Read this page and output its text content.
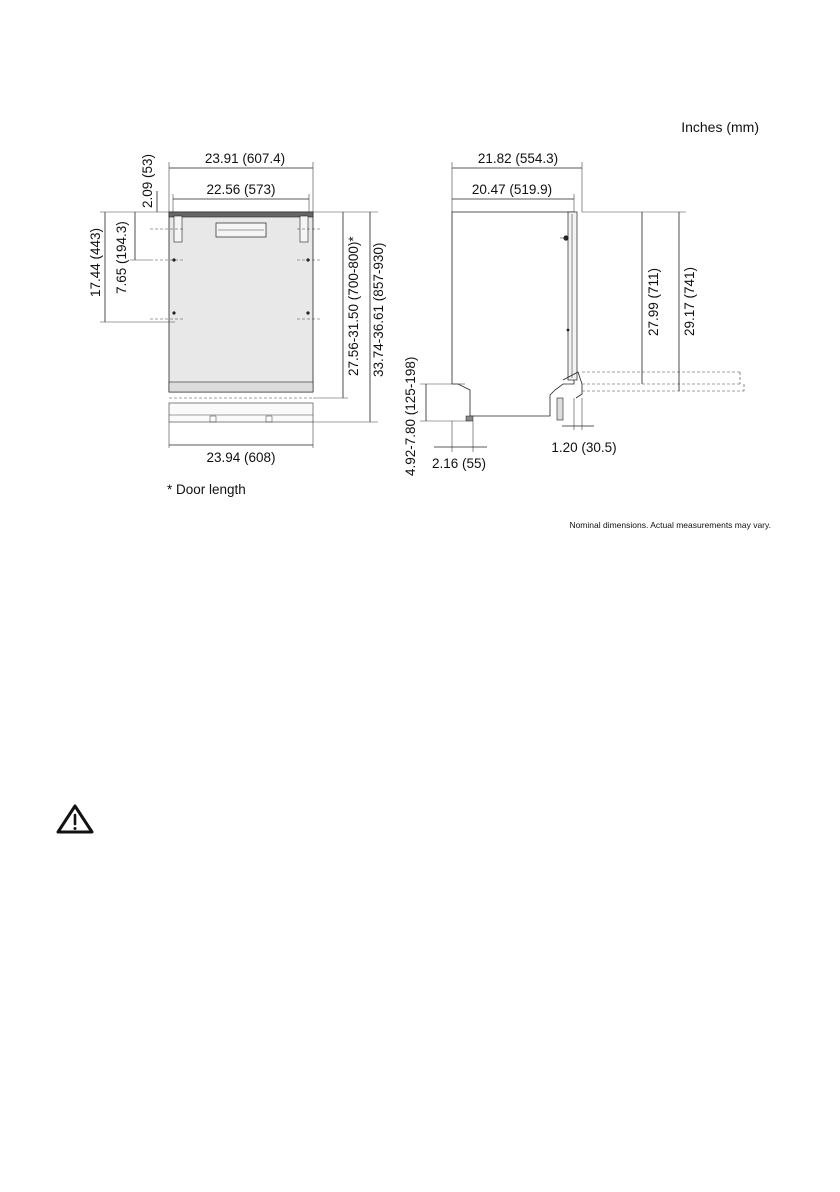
Inches (mm)
23.91 (607.4)
22.56 (573)
23.94 (608)
2.09 (53)
17.44 (443) 7.65 (194.3)	27.56-31.50 (700-800)* 33.74-36.61 (857-930)
* Door length
21.82 (554.3)
20.47 (519.9)
27.99 (711) 29.17 (741)
4.92-7.80 (125-198) 2.16 (55)
1.20 (30.5)
Nominal dimensions. Actual measurements may vary.
